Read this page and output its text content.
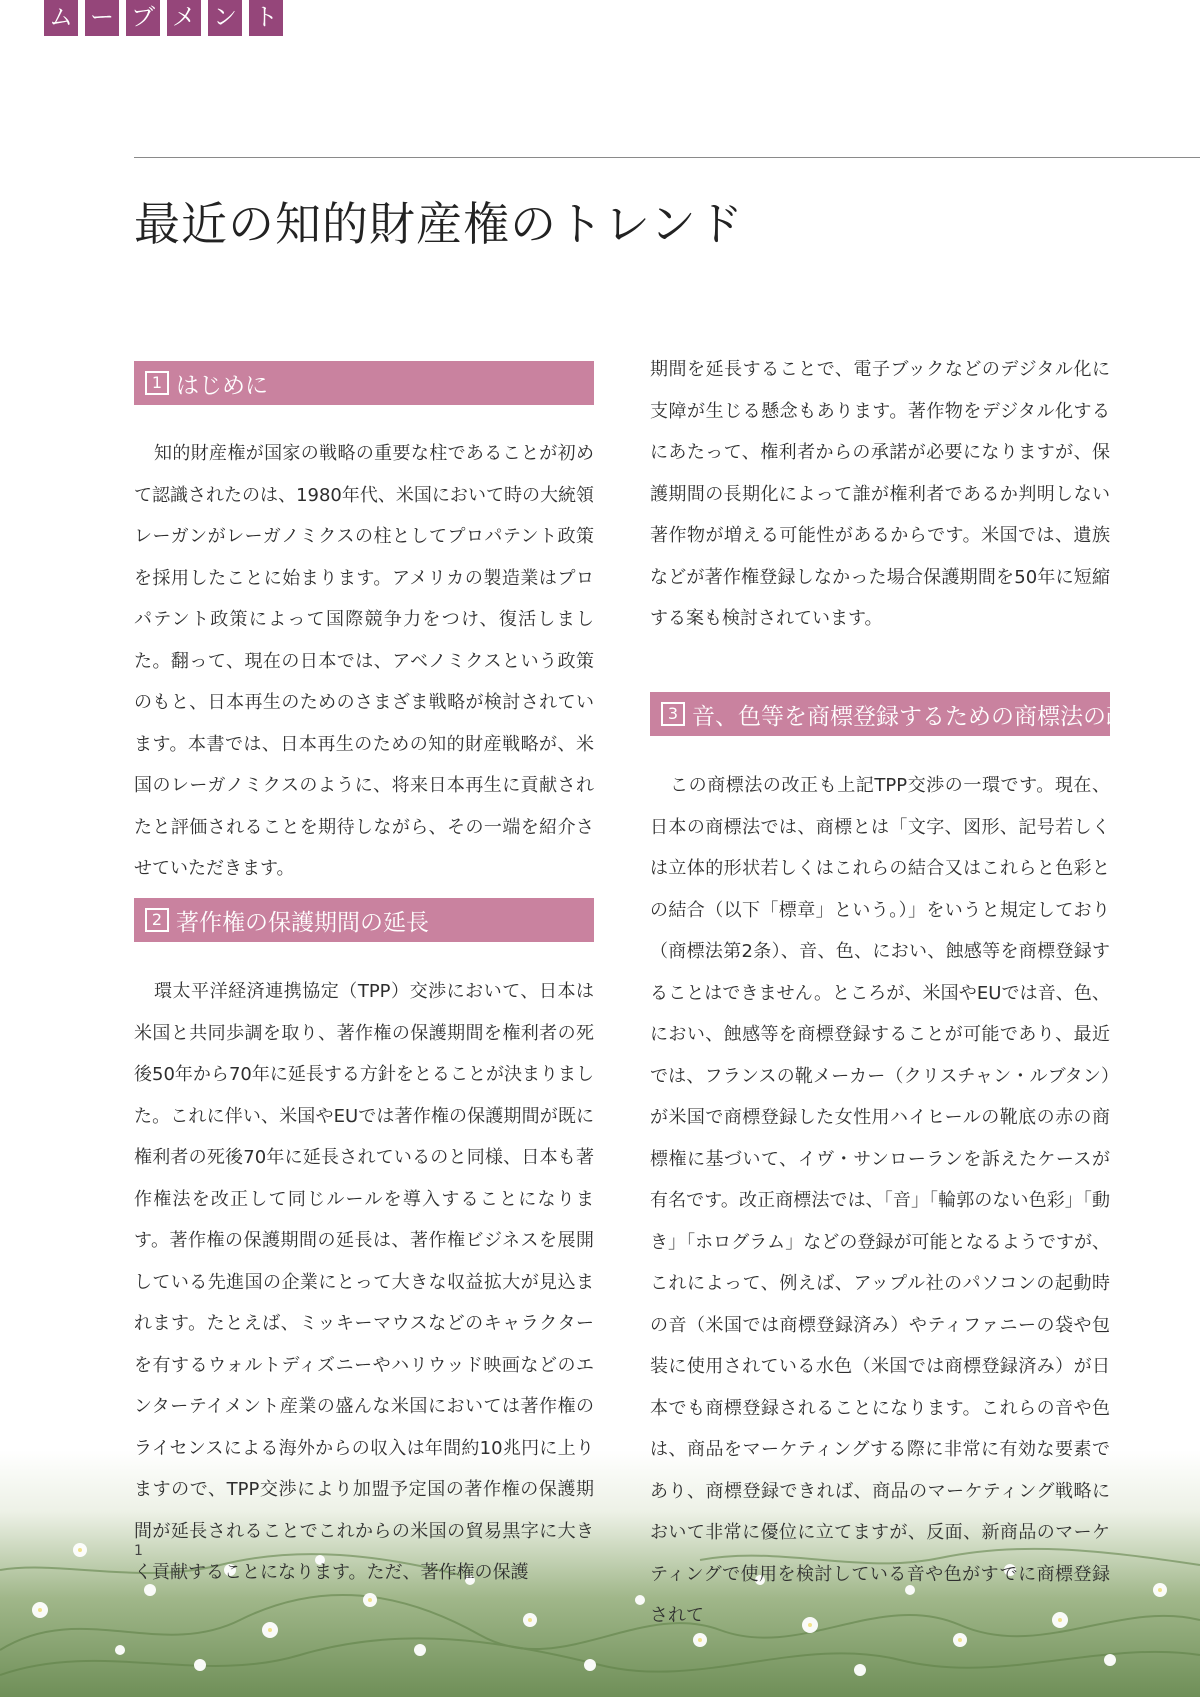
ム ー ブ メ ン ト
最近の知的財産権のトレンド
1 はじめに

知的財産権が国家の戦略の重要な柱であることが初めて認識されたのは、1980年代、米国において時の大統領レーガンがレーガノミクスの柱としてプロパテント政策を採用したことに始まります。アメリカの製造業はプロパテント政策によって国際競争力をつけ、復活しました。翻って、現在の日本では、アベノミクスという政策のもと、日本再生のためのさまざま戦略が検討されています。本書では、日本再生のための知的財産戦略が、米国のレーガノミクスのように、将来日本再生に貢献されたと評価されることを期待しながら、その一端を紹介させていただきます。

2 著作権の保護期間の延長

環太平洋経済連携協定（TPP）交渉において、日本は米国と共同歩調を取り、著作権の保護期間を権利者の死後50年から70年に延長する方針をとることが決まりました。これに伴い、米国やEUでは著作権の保護期間が既に権利者の死後70年に延長されているのと同様、日本も著作権法を改正して同じルールを導入することになります。著作権の保護期間の延長は、著作権ビジネスを展開している先進国の企業にとって大きな収益拡大が見込まれます。たとえば、ミッキーマウスなどのキャラクターを有するウォルトディズニーやハリウッド映画などのエンターテイメント産業の盛んな米国においては著作権のライセンスによる海外からの収入は年間約10兆円に上りますので、TPP交渉により加盟予定国の著作権の保護期間が延長されることでこれからの米国の貿易黒字に大きく貢献することになります。ただ、著作権の保護

期間を延長することで、電子ブックなどのデジタル化に支障が生じる懸念もあります。著作物をデジタル化するにあたって、権利者からの承諾が必要になりますが、保護期間の長期化によって誰が権利者であるか判明しない著作物が増える可能性があるからです。米国では、遺族などが著作権登録しなかった場合保護期間を50年に短縮する案も検討されています。

3 音、色等を商標登録するための商標法の改正

この商標法の改正も上記TPP交渉の一環です。現在、日本の商標法では、商標とは「文字、図形、記号若しくは立体的形状若しくはこれらの結合又はこれらと色彩との結合（以下「標章」という。）」をいうと規定しており（商標法第2条）、音、色、におい、蝕感等を商標登録することはできません。ところが、米国やEUでは音、色、におい、蝕感等を商標登録することが可能であり、最近では、フランスの靴メーカー（クリスチャン・ルブタン）が米国で商標登録した女性用ハイヒールの靴底の赤の商標権に基づいて、イヴ・サンローランを訴えたケースが有名です。改正商標法では、「音」「輪郭のない色彩」「動き」「ホログラム」などの登録が可能となるようですが、これによって、例えば、アップル社のパソコンの起動時の音（米国では商標登録済み）やティファニーの袋や包装に使用されている水色（米国では商標登録済み）が日本でも商標登録されることになります。これらの音や色は、商品をマーケティングする際に非常に有効な要素であり、商標登録できれば、商品のマーケティング戦略において非常に優位に立てますが、反面、新商品のマーケティングで使用を検討している音や色がすでに商標登録されて

1
